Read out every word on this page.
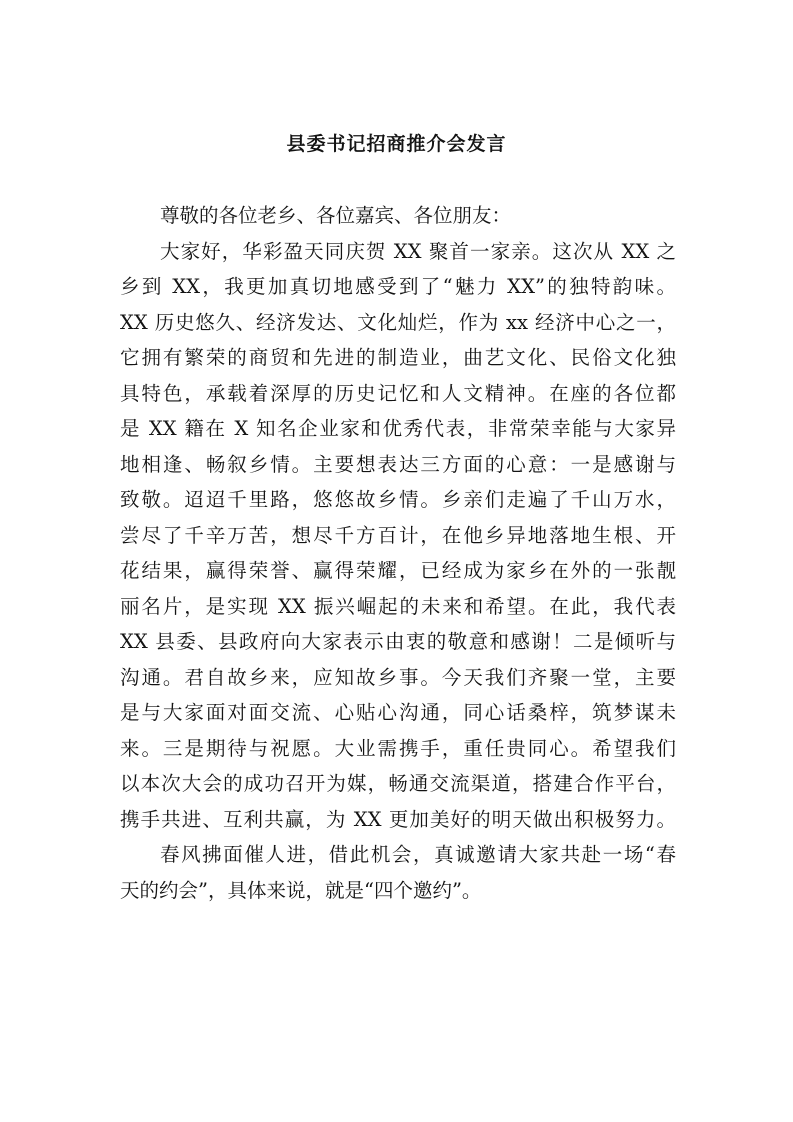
县委书记招商推介会发言
尊敬的各位老乡、各位嘉宾、各位朋友：
大家好，华彩盈天同庆贺 XX 聚首一家亲。这次从 XX 之
乡到 XX，我更加真切地感受到了“魅力 XX”的独特韵味。
XX 历史悠久、经济发达、文化灿烂，作为 xx 经济中心之一，
它拥有繁荣的商贸和先进的制造业，曲艺文化、民俗文化独
具特色，承载着深厚的历史记忆和人文精神。在座的各位都
是 XX 籍在 X 知名企业家和优秀代表，非常荣幸能与大家异
地相逢、畅叙乡情。主要想表达三方面的心意：一是感谢与
致敬。迢迢千里路，悠悠故乡情。乡亲们走遍了千山万水，
尝尽了千辛万苦，想尽千方百计，在他乡异地落地生根、开
花结果，赢得荣誉、赢得荣耀，已经成为家乡在外的一张靓
丽名片，是实现 XX 振兴崛起的未来和希望。在此，我代表
XX 县委、县政府向大家表示由衷的敬意和感谢！二是倾听与
沟通。君自故乡来，应知故乡事。今天我们齐聚一堂，主要
是与大家面对面交流、心贴心沟通，同心话桑梓，筑梦谋未
来。三是期待与祝愿。大业需携手，重任贵同心。希望我们
以本次大会的成功召开为媒，畅通交流渠道，搭建合作平台，
携手共进、互利共赢，为 XX 更加美好的明天做出积极努力。
春风拂面催人进，借此机会，真诚邀请大家共赴一场“春
天的约会”，具体来说，就是“四个邀约”。
